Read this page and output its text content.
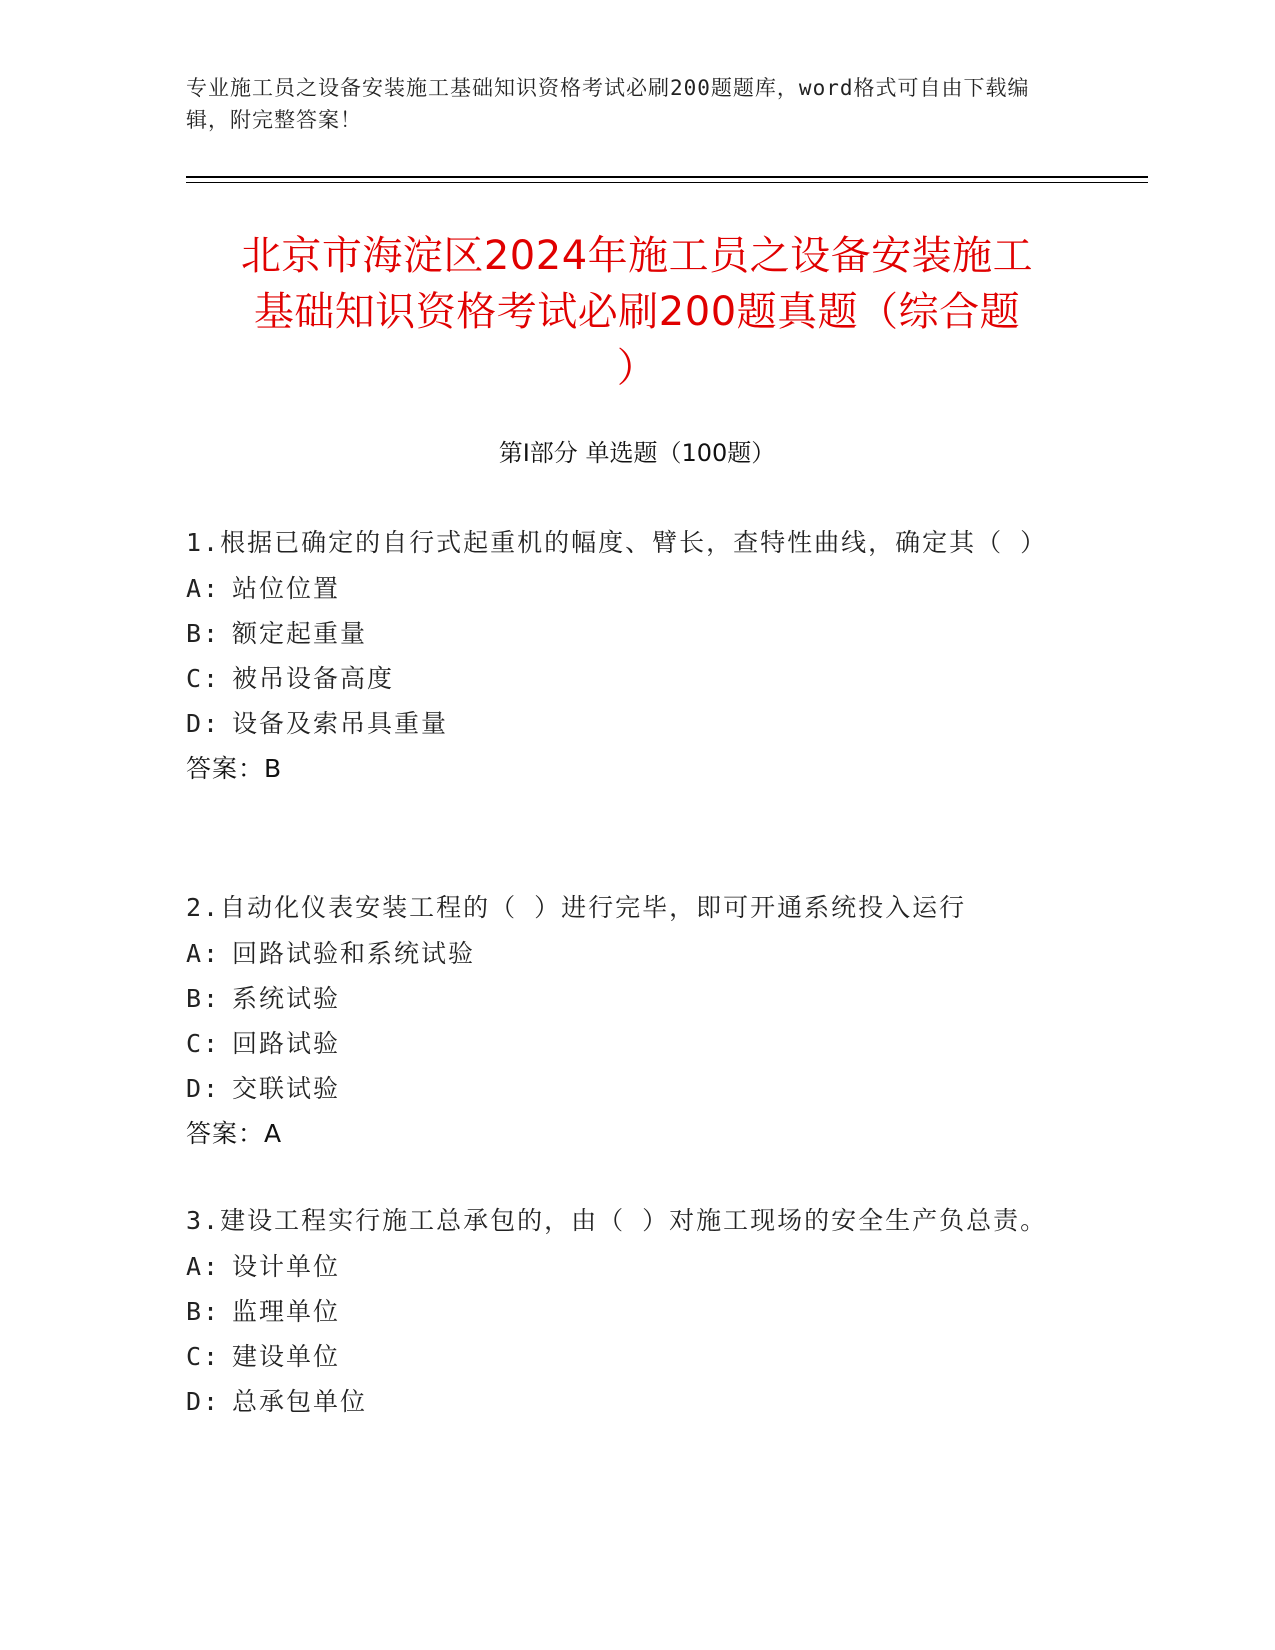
专业施工员之设备安装施工基础知识资格考试必刷200题题库，word格式可自由下载编辑，附完整答案！
北京市海淀区2024年施工员之设备安装施工
基础知识资格考试必刷200题真题（综合题
）
第Ⅰ部分 单选题（100题）
1.根据已确定的自行式起重机的幅度、臂长，查特性曲线，确定其（ ）
A: 站位位置
B: 额定起重量
C: 被吊设备高度
D: 设备及索吊具重量
答案：B
2.自动化仪表安装工程的（ ）进行完毕，即可开通系统投入运行
A: 回路试验和系统试验
B: 系统试验
C: 回路试验
D: 交联试验
答案：A
3.建设工程实行施工总承包的，由（ ）对施工现场的安全生产负总责。
A: 设计单位
B: 监理单位
C: 建设单位
D: 总承包单位
